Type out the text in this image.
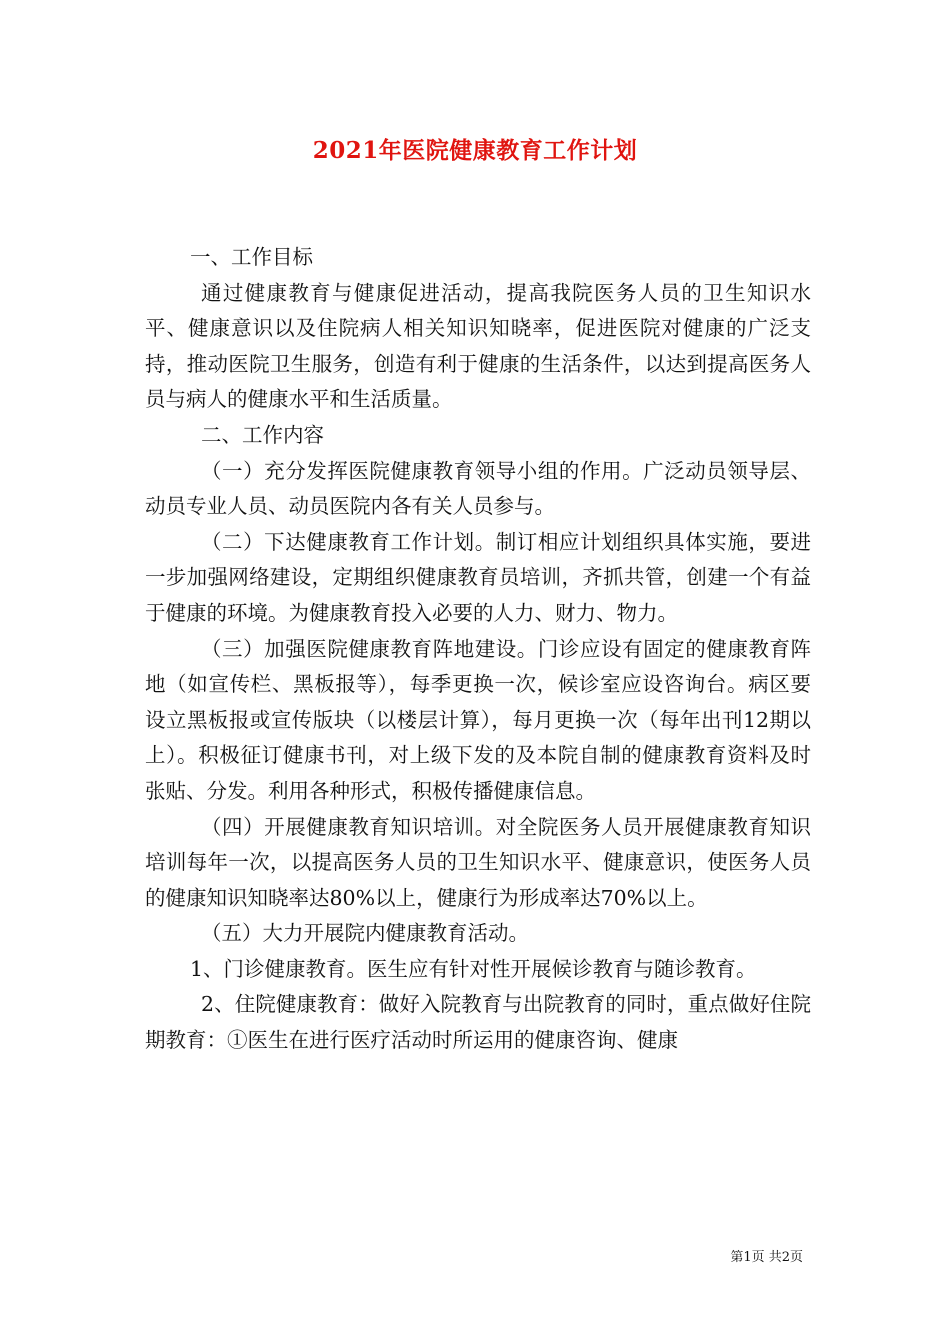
2021年医院健康教育工作计划

一、工作目标

通过健康教育与健康促进活动，提高我院医务人员的卫生知识水平、健康意识以及住院病人相关知识知晓率，促进医院对健康的广泛支持，推动医院卫生服务，创造有利于健康的生活条件，以达到提高医务人员与病人的健康水平和生活质量。

二、工作内容

（一）充分发挥医院健康教育领导小组的作用。广泛动员领导层、动员专业人员、动员医院内各有关人员参与。

（二）下达健康教育工作计划。制订相应计划组织具体实施，要进一步加强网络建设，定期组织健康教育员培训，齐抓共管，创建一个有益于健康的环境。为健康教育投入必要的人力、财力、物力。

（三）加强医院健康教育阵地建设。门诊应设有固定的健康教育阵地（如宣传栏、黑板报等），每季更换一次，候诊室应设咨询台。病区要设立黑板报或宣传版块（以楼层计算），每月更换一次（每年出刊12期以上）。积极征订健康书刊，对上级下发的及本院自制的健康教育资料及时张贴、分发。利用各种形式，积极传播健康信息。

（四）开展健康教育知识培训。对全院医务人员开展健康教育知识培训每年一次，以提高医务人员的卫生知识水平、健康意识，使医务人员的健康知识知晓率达80%以上，健康行为形成率达70%以上。

（五）大力开展院内健康教育活动。

1、门诊健康教育。医生应有针对性开展候诊教育与随诊教育。

2、住院健康教育：做好入院教育与出院教育的同时，重点做好住院期教育：①医生在进行医疗活动时所运用的健康咨询、健康

第1页 共2页
